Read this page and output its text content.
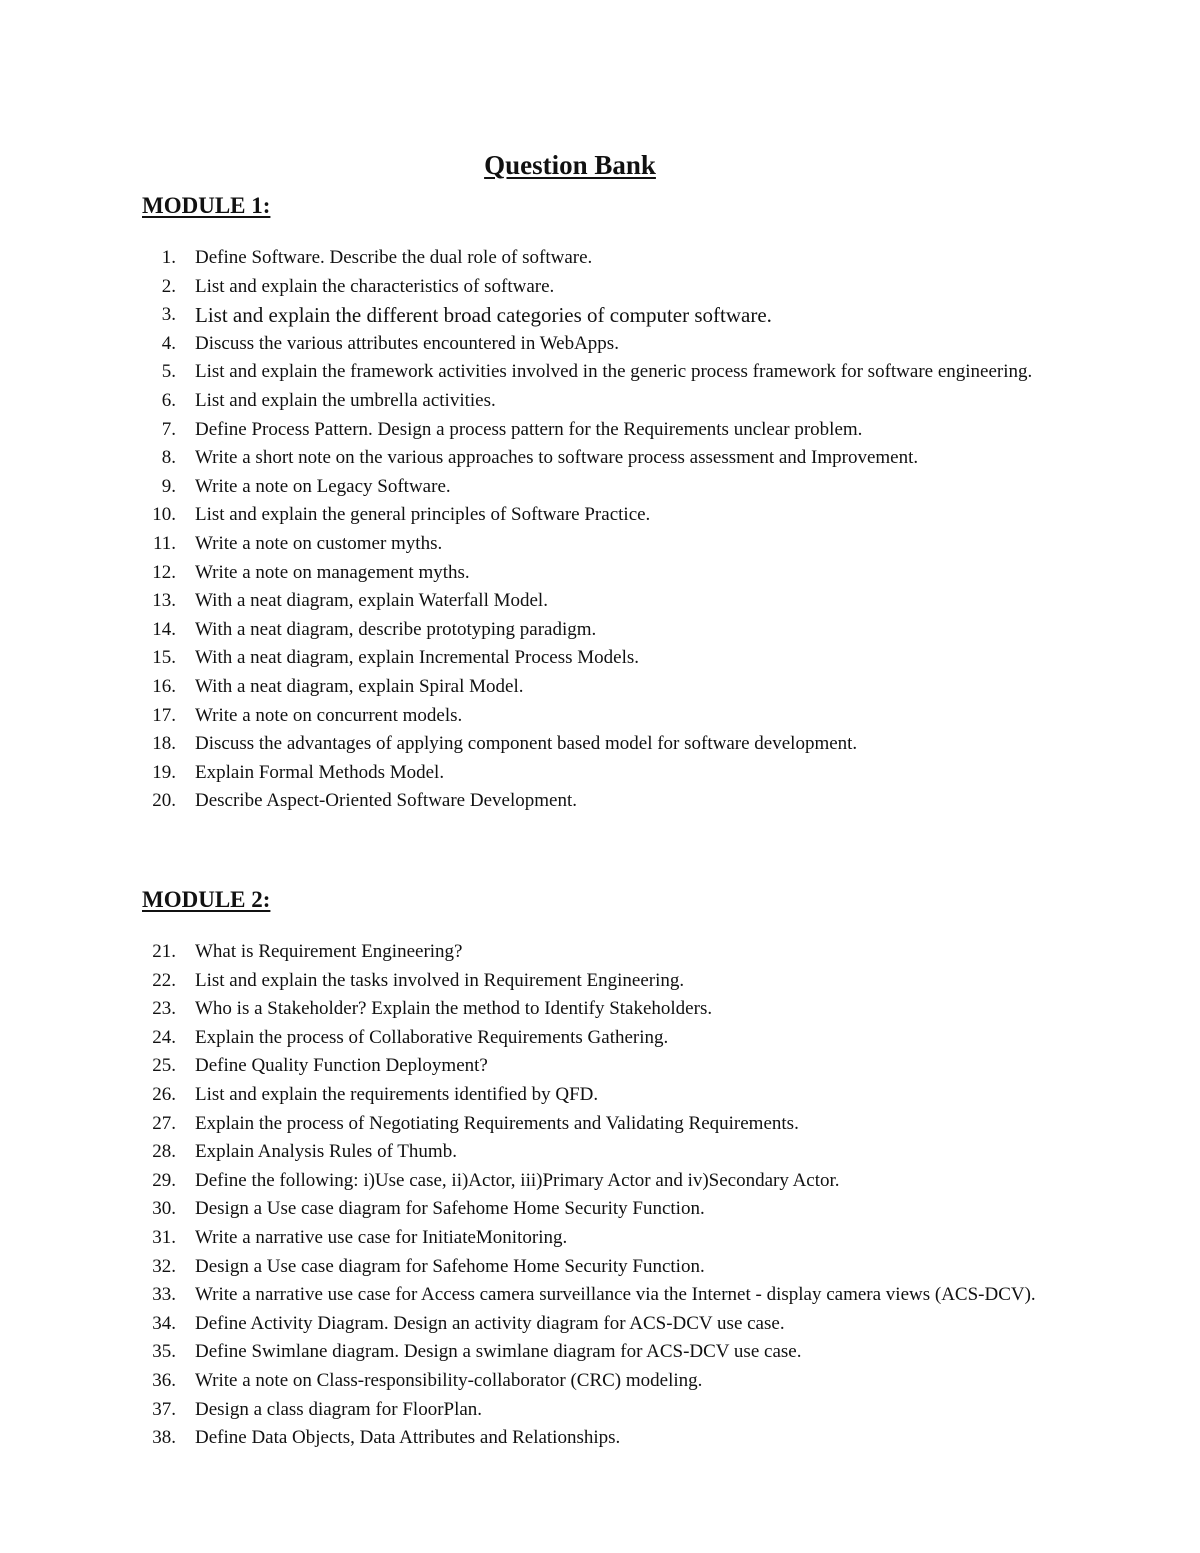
Question Bank
MODULE 1:
1. Define Software. Describe the dual role of software.
2. List and explain the characteristics of software.
3. List and explain the different broad categories of computer software.
4. Discuss the various attributes encountered in WebApps.
5. List and explain the framework activities involved in the generic process framework for software engineering.
6. List and explain the umbrella activities.
7. Define Process Pattern. Design a process pattern for the Requirements unclear problem.
8. Write a short note on the various approaches to software process assessment and Improvement.
9. Write a note on Legacy Software.
10. List and explain the general principles of Software Practice.
11. Write a note on customer myths.
12. Write a note on management myths.
13. With a neat diagram, explain Waterfall Model.
14. With a neat diagram, describe prototyping paradigm.
15. With a neat diagram, explain Incremental Process Models.
16. With a neat diagram, explain Spiral Model.
17. Write a note on concurrent models.
18. Discuss the advantages of applying component based model for software development.
19. Explain Formal Methods Model.
20. Describe Aspect-Oriented Software Development.
MODULE 2:
21. What is Requirement Engineering?
22. List and explain the tasks involved in Requirement Engineering.
23. Who is a Stakeholder? Explain the method to Identify Stakeholders.
24. Explain the process of Collaborative Requirements Gathering.
25. Define Quality Function Deployment?
26. List and explain the requirements identified by QFD.
27. Explain the process of Negotiating Requirements and Validating Requirements.
28. Explain Analysis Rules of Thumb.
29. Define the following: i)Use case, ii)Actor, iii)Primary Actor and iv)Secondary Actor.
30. Design a Use case diagram for Safehome Home Security Function.
31. Write a narrative use case for InitiateMonitoring.
32. Design a Use case diagram for Safehome Home Security Function.
33. Write a narrative use case for Access camera surveillance via the Internet - display camera views (ACS-DCV).
34. Define Activity Diagram. Design an activity diagram for ACS-DCV use case.
35. Define Swimlane diagram. Design a swimlane diagram for ACS-DCV use case.
36. Write a note on Class-responsibility-collaborator (CRC) modeling.
37. Design a class diagram for FloorPlan.
38. Define Data Objects, Data Attributes and Relationships.
